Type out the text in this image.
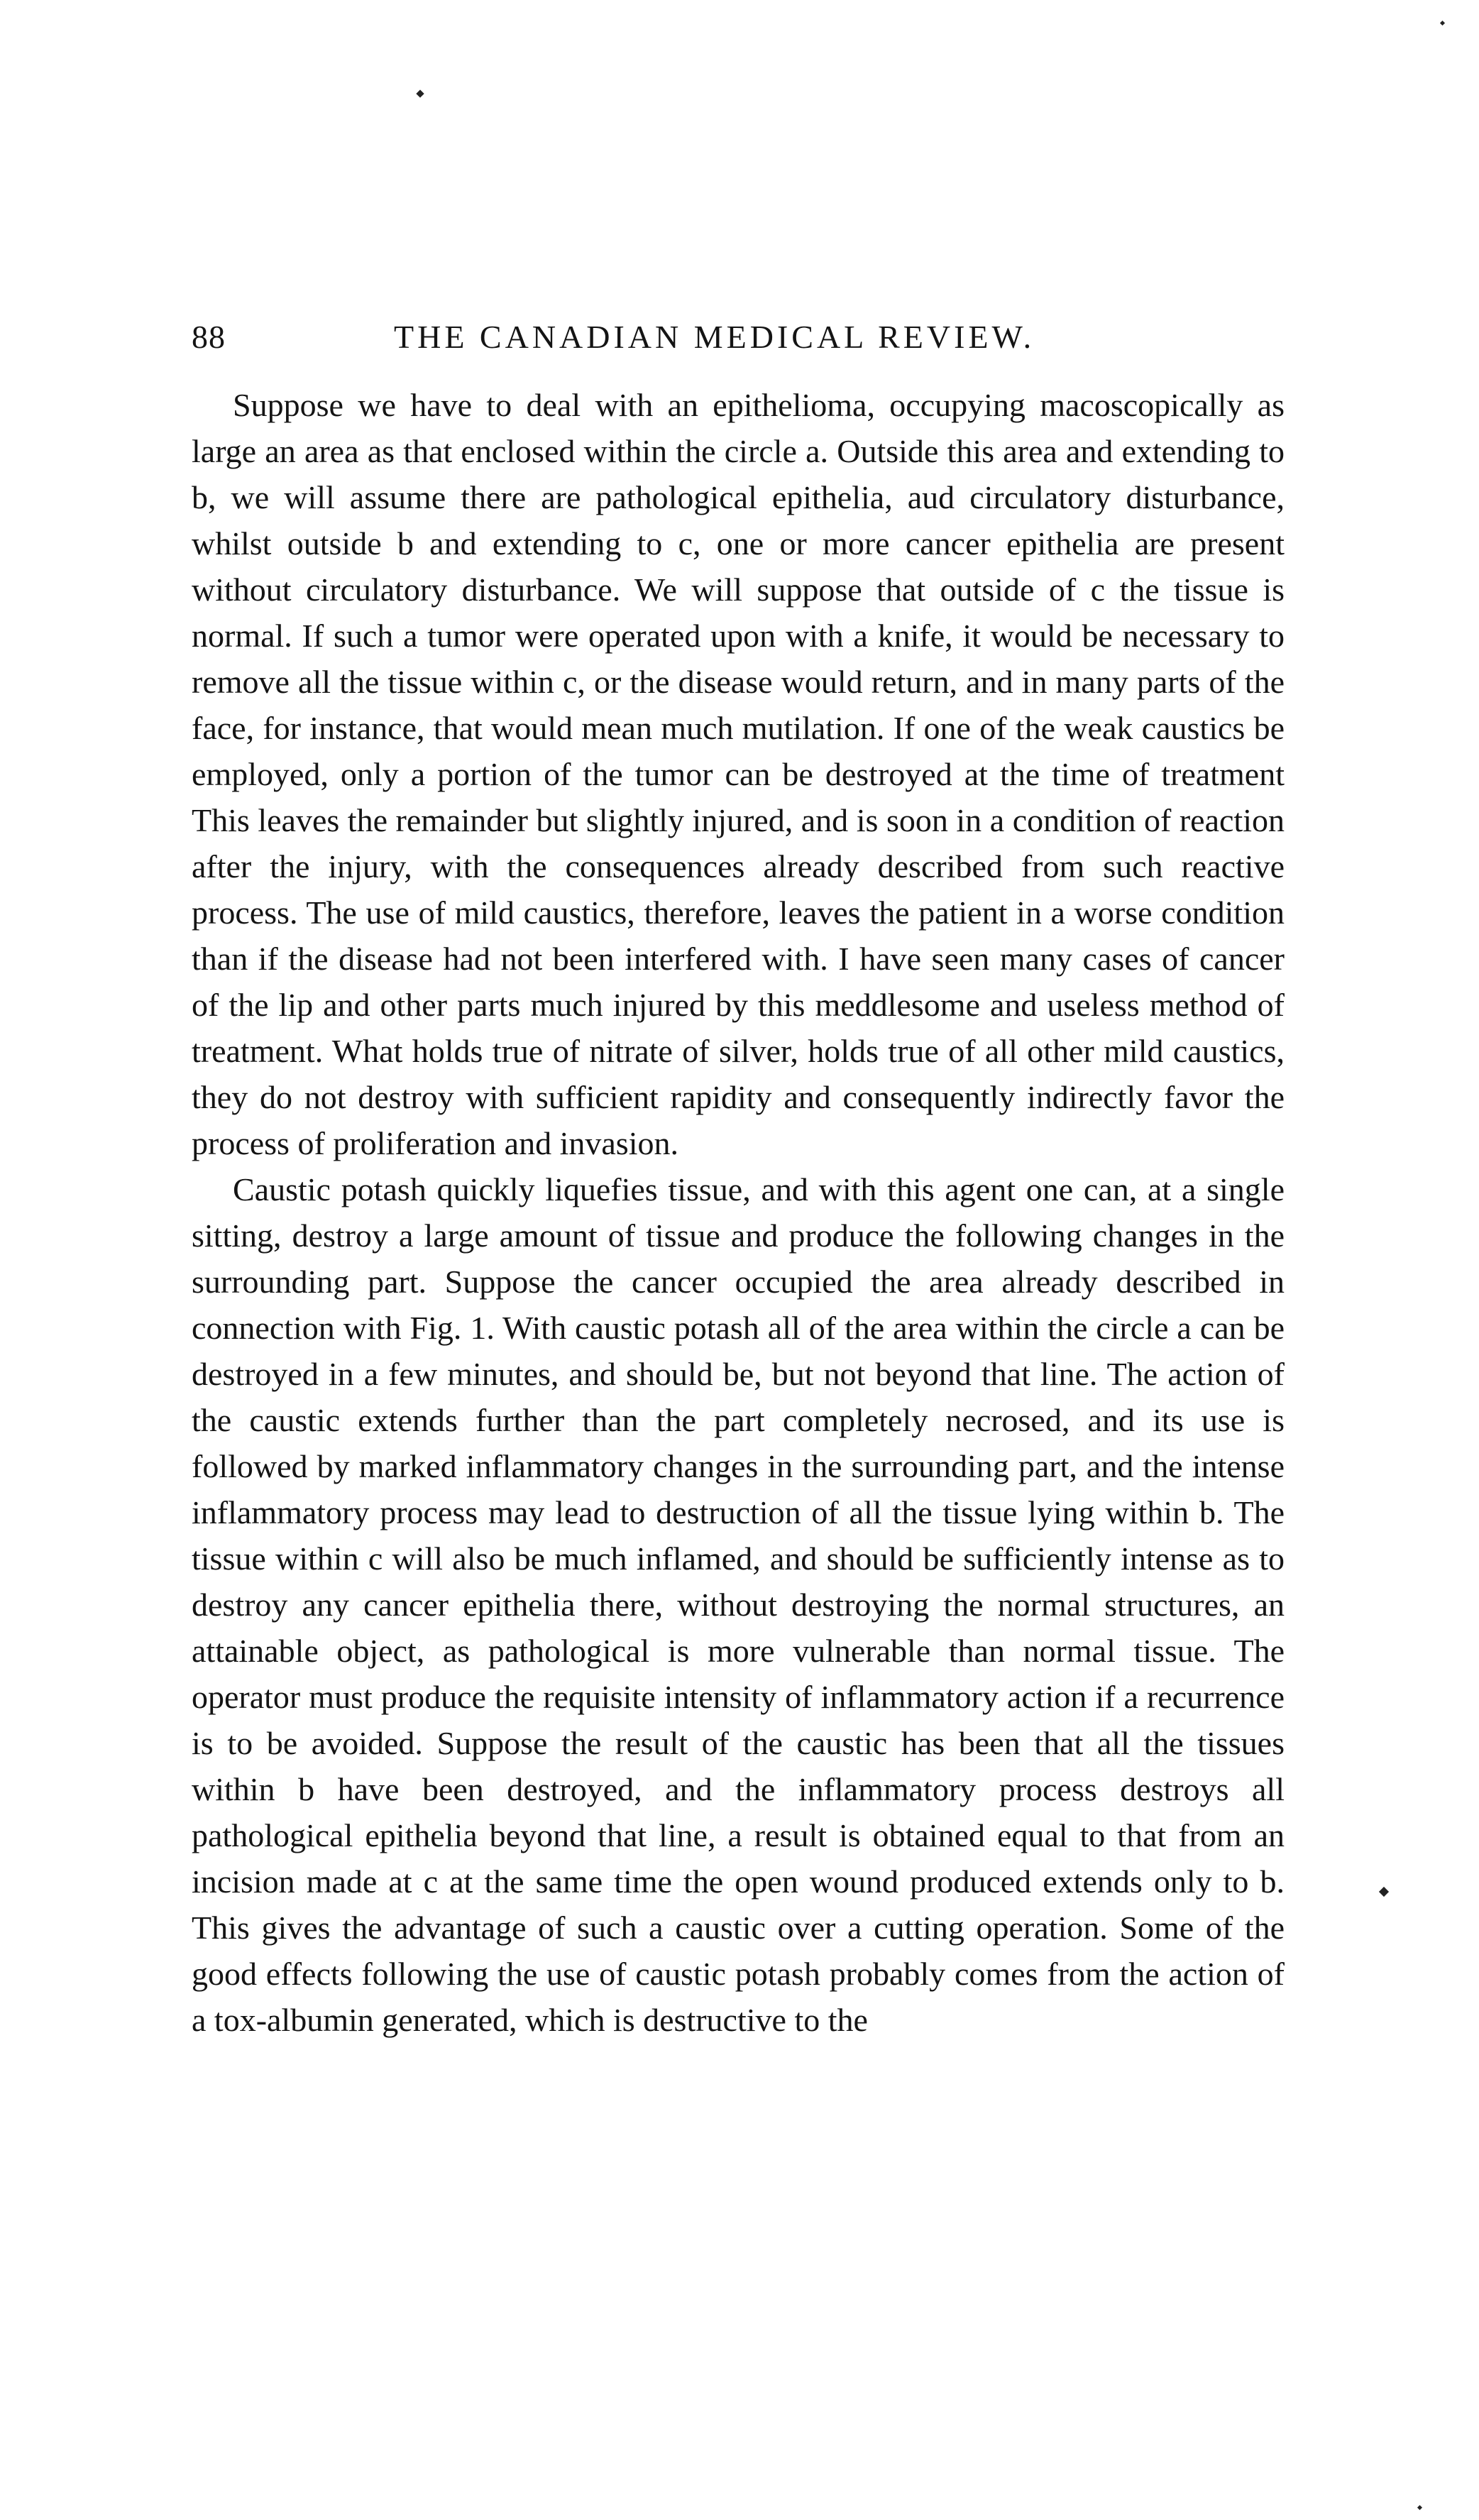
88	THE CANADIAN MEDICAL REVIEW.

Suppose we have to deal with an epithelioma, occupying macoscopically as large an area as that enclosed within the circle a. Outside this area and extending to b, we will assume there are pathological epithelia, aud circulatory disturbance, whilst outside b and extending to c, one or more cancer epithelia are present without circulatory disturbance. We will suppose that outside of c the tissue is normal. If such a tumor were operated upon with a knife, it would be necessary to remove all the tissue within c, or the disease would return, and in many parts of the face, for instance, that would mean much mutilation. If one of the weak caustics be employed, only a portion of the tumor can be destroyed at the time of treatment This leaves the remainder but slightly injured, and is soon in a condition of reaction after the injury, with the consequences already described from such reactive process. The use of mild caustics, therefore, leaves the patient in a worse condition than if the disease had not been interfered with. I have seen many cases of cancer of the lip and other parts much injured by this meddlesome and useless method of treatment. What holds true of nitrate of silver, holds true of all other mild caustics, they do not destroy with sufficient rapidity and consequently indirectly favor the process of proliferation and invasion.

Caustic potash quickly liquefies tissue, and with this agent one can, at a single sitting, destroy a large amount of tissue and produce the following changes in the surrounding part. Suppose the cancer occupied the area already described in connection with Fig. 1. With caustic potash all of the area within the circle a can be destroyed in a few minutes, and should be, but not beyond that line. The action of the caustic extends further than the part completely necrosed, and its use is followed by marked inflammatory changes in the surrounding part, and the intense inflammatory process may lead to destruction of all the tissue lying within b. The tissue within c will also be much inflamed, and should be sufficiently intense as to destroy any cancer epithelia there, without destroying the normal structures, an attainable object, as pathological is more vulnerable than normal tissue. The operator must produce the requisite intensity of inflammatory action if a recurrence is to be avoided. Suppose the result of the caustic has been that all the tissues within b have been destroyed, and the inflammatory process destroys all pathological epithelia beyond that line, a result is obtained equal to that from an incision made at c at the same time the open wound produced extends only to b. This gives the advantage of such a caustic over a cutting operation. Some of the good effects following the use of caustic potash probably comes from the action of a tox-albumin generated, which is destructive to the
